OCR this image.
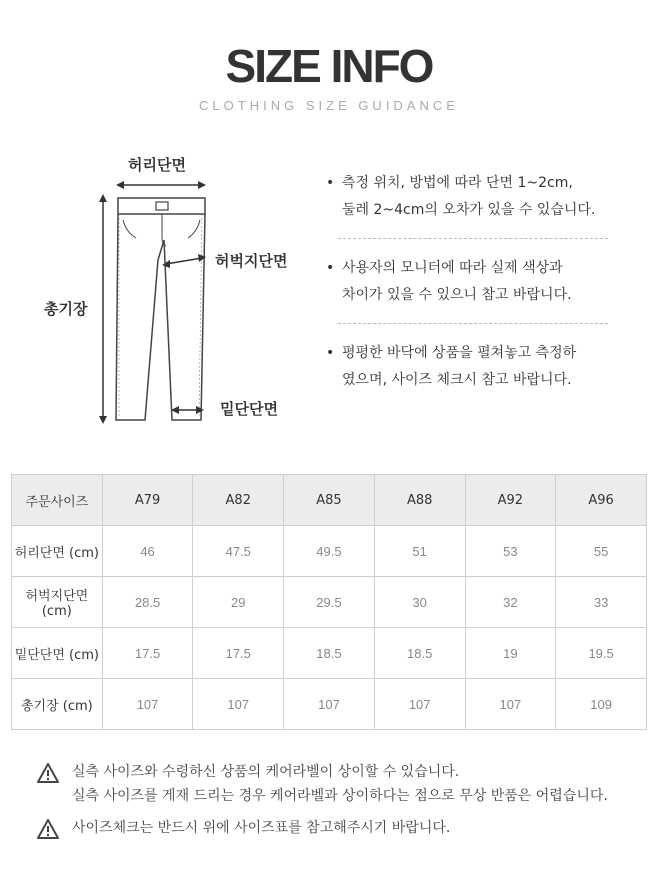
SIZE INFO
CLOTHING SIZE GUIDANCE
허리단면
허벅지단면
총기장
밑단단면
• 측정 위치, 방법에 따라 단면 1~2cm,
둘레 2~4cm의 오차가 있을 수 있습니다.
• 사용자의 모니터에 따라 실제 색상과
차이가 있을 수 있으니 참고 바랍니다.
• 평평한 바닥에 상품을 펼쳐놓고 측정하
였으며, 사이즈 체크시 참고 바랍니다.
주문사이즈	A79	A82	A85	A88	A92	A96
허리단면 (cm)	46	47.5	49.5	51	53	55
허벅지단면 (cm)	28.5	29	29.5	30	32	33
밑단단면 (cm)	17.5	17.5	18.5	18.5	19	19.5
총기장 (cm)	107	107	107	107	107	109
실측 사이즈와 수령하신 상품의 케어라벨이 상이할 수 있습니다.
실측 사이즈를 게재 드리는 경우 케어라벨과 상이하다는 점으로 무상 반품은 어렵습니다.
사이즈체크는 반드시 위에 사이즈표를 참고해주시기 바랍니다.
